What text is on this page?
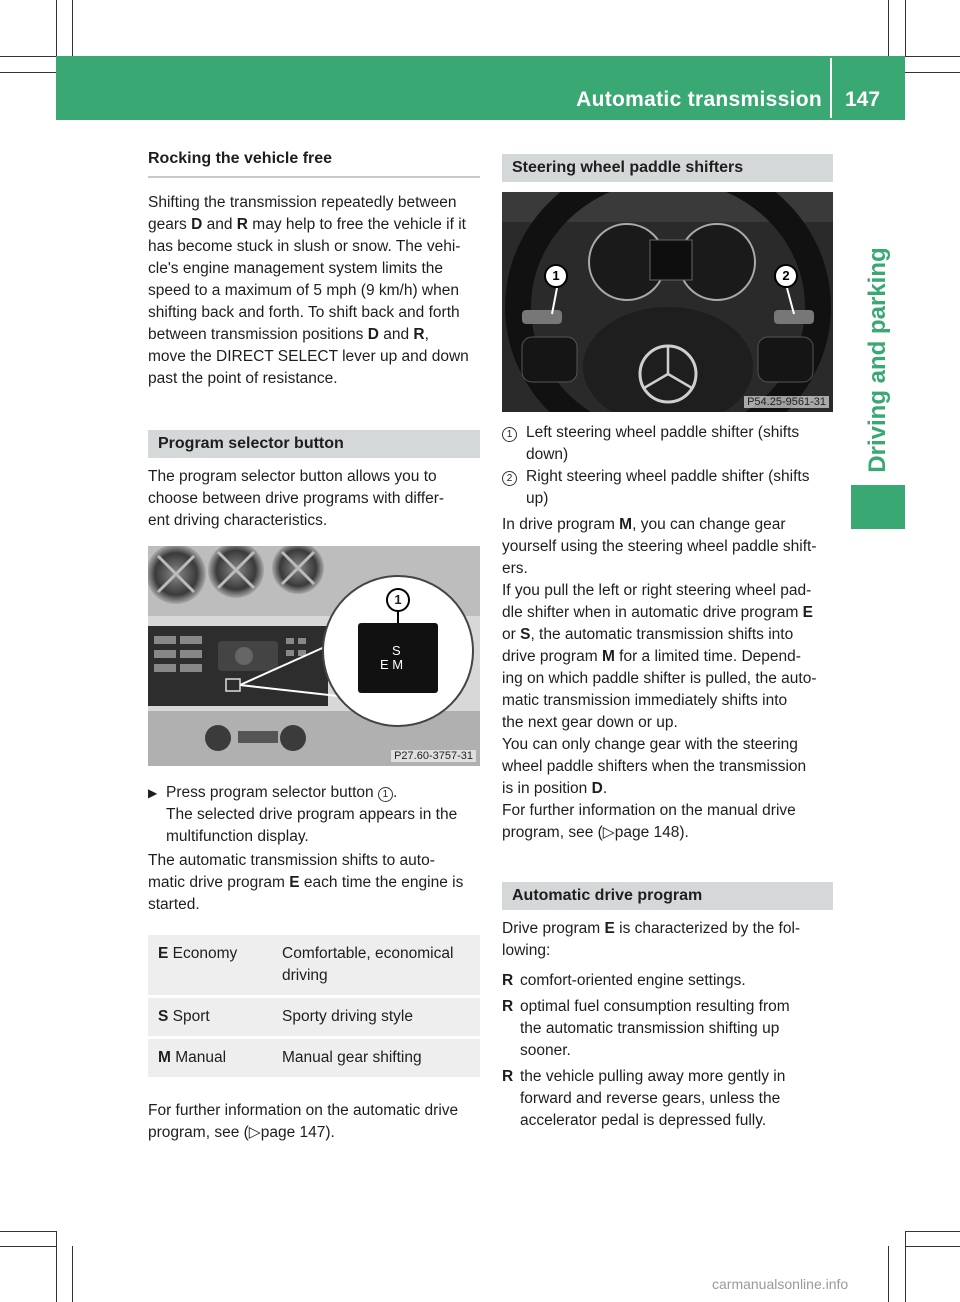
Automatic transmission 147
Driving and parking
Rocking the vehicle free

Shifting the transmission repeatedly between

gears D and R may help to free the vehicle if it

has become stuck in slush or snow. The vehi-

cle's engine management system limits the

speed to a maximum of 5 mph (9 km/h) when

shifting back and forth. To shift back and forth

between transmission positions D and R,

move the DIRECT SELECT lever up and down

past the point of resistance.

Program selector button

The program selector button allows you to

choose between drive programs with differ-

ent driving characteristics.

1
S
E M
P27.60-3757-31
▶ Press program selector button 1 .
The selected drive program appears in the
multifunction display.

The automatic transmission shifts to auto-

matic drive program E each time the engine is

started.

E Economy	Comfortable, economical driving
S Sport	Sporty driving style
M Manual	Manual gear shifting

For further information on the automatic drive

program, see (▷page 147).

Steering wheel paddle shifters
1	2
P54.25-9561-31
1 Left steering wheel paddle shifter (shifts
down)
2 Right steering wheel paddle shifter (shifts
up)

In drive program M, you can change gear

yourself using the steering wheel paddle shift-

ers.

If you pull the left or right steering wheel pad-

dle shifter when in automatic drive program E

or S, the automatic transmission shifts into

drive program M for a limited time. Depend-

ing on which paddle shifter is pulled, the auto-

matic transmission immediately shifts into

the next gear down or up.

You can only change gear with the steering

wheel paddle shifters when the transmission

is in position D.

For further information on the manual drive

program, see (▷page 148).

Automatic drive program

Drive program E is characterized by the fol-

lowing:

R comfort-oriented engine settings.
R optimal fuel consumption resulting from
the automatic transmission shifting up
sooner.
R the vehicle pulling away more gently in
forward and reverse gears, unless the
accelerator pedal is depressed fully.
carmanualsonline.info
